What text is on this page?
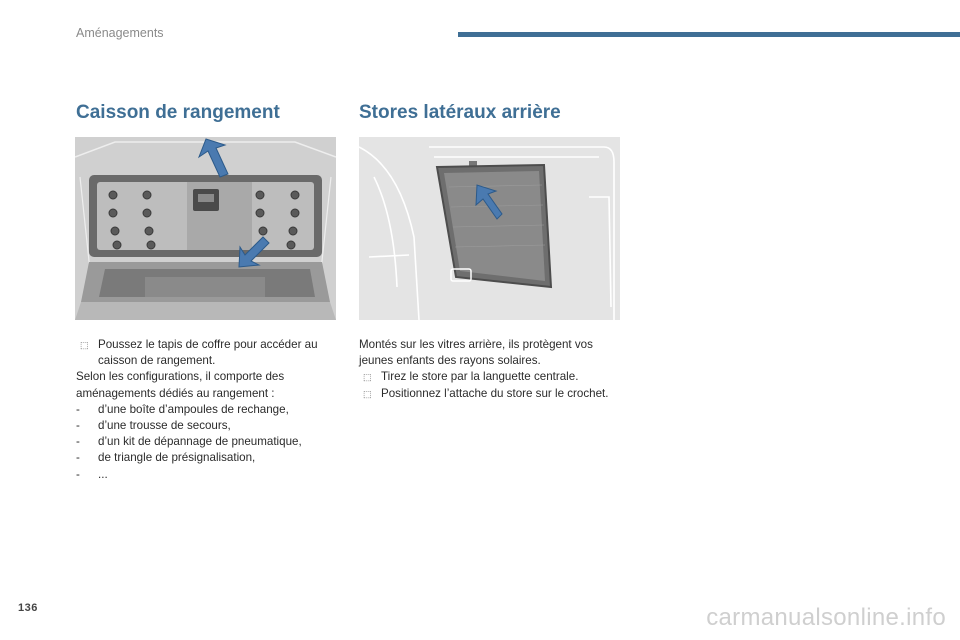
Aménagements
Caisson de rangement	Stores latéraux arrière
⬚ Poussez le tapis de coffre pour accéder au caisson de rangement.

Selon les configurations, il comporte des aménagements dédiés au rangement :

- d’une boîte d’ampoules de rechange,
- d’une trousse de secours,
- d’un kit de dépannage de pneumatique,
- de triangle de présignalisation,
- ...

Montés sur les vitres arrière, ils protègent vos jeunes enfants des rayons solaires.

⬚ Tirez le store par la languette centrale.
⬚ Positionnez l’attache du store sur le crochet.
136	carmanualsonline.info
